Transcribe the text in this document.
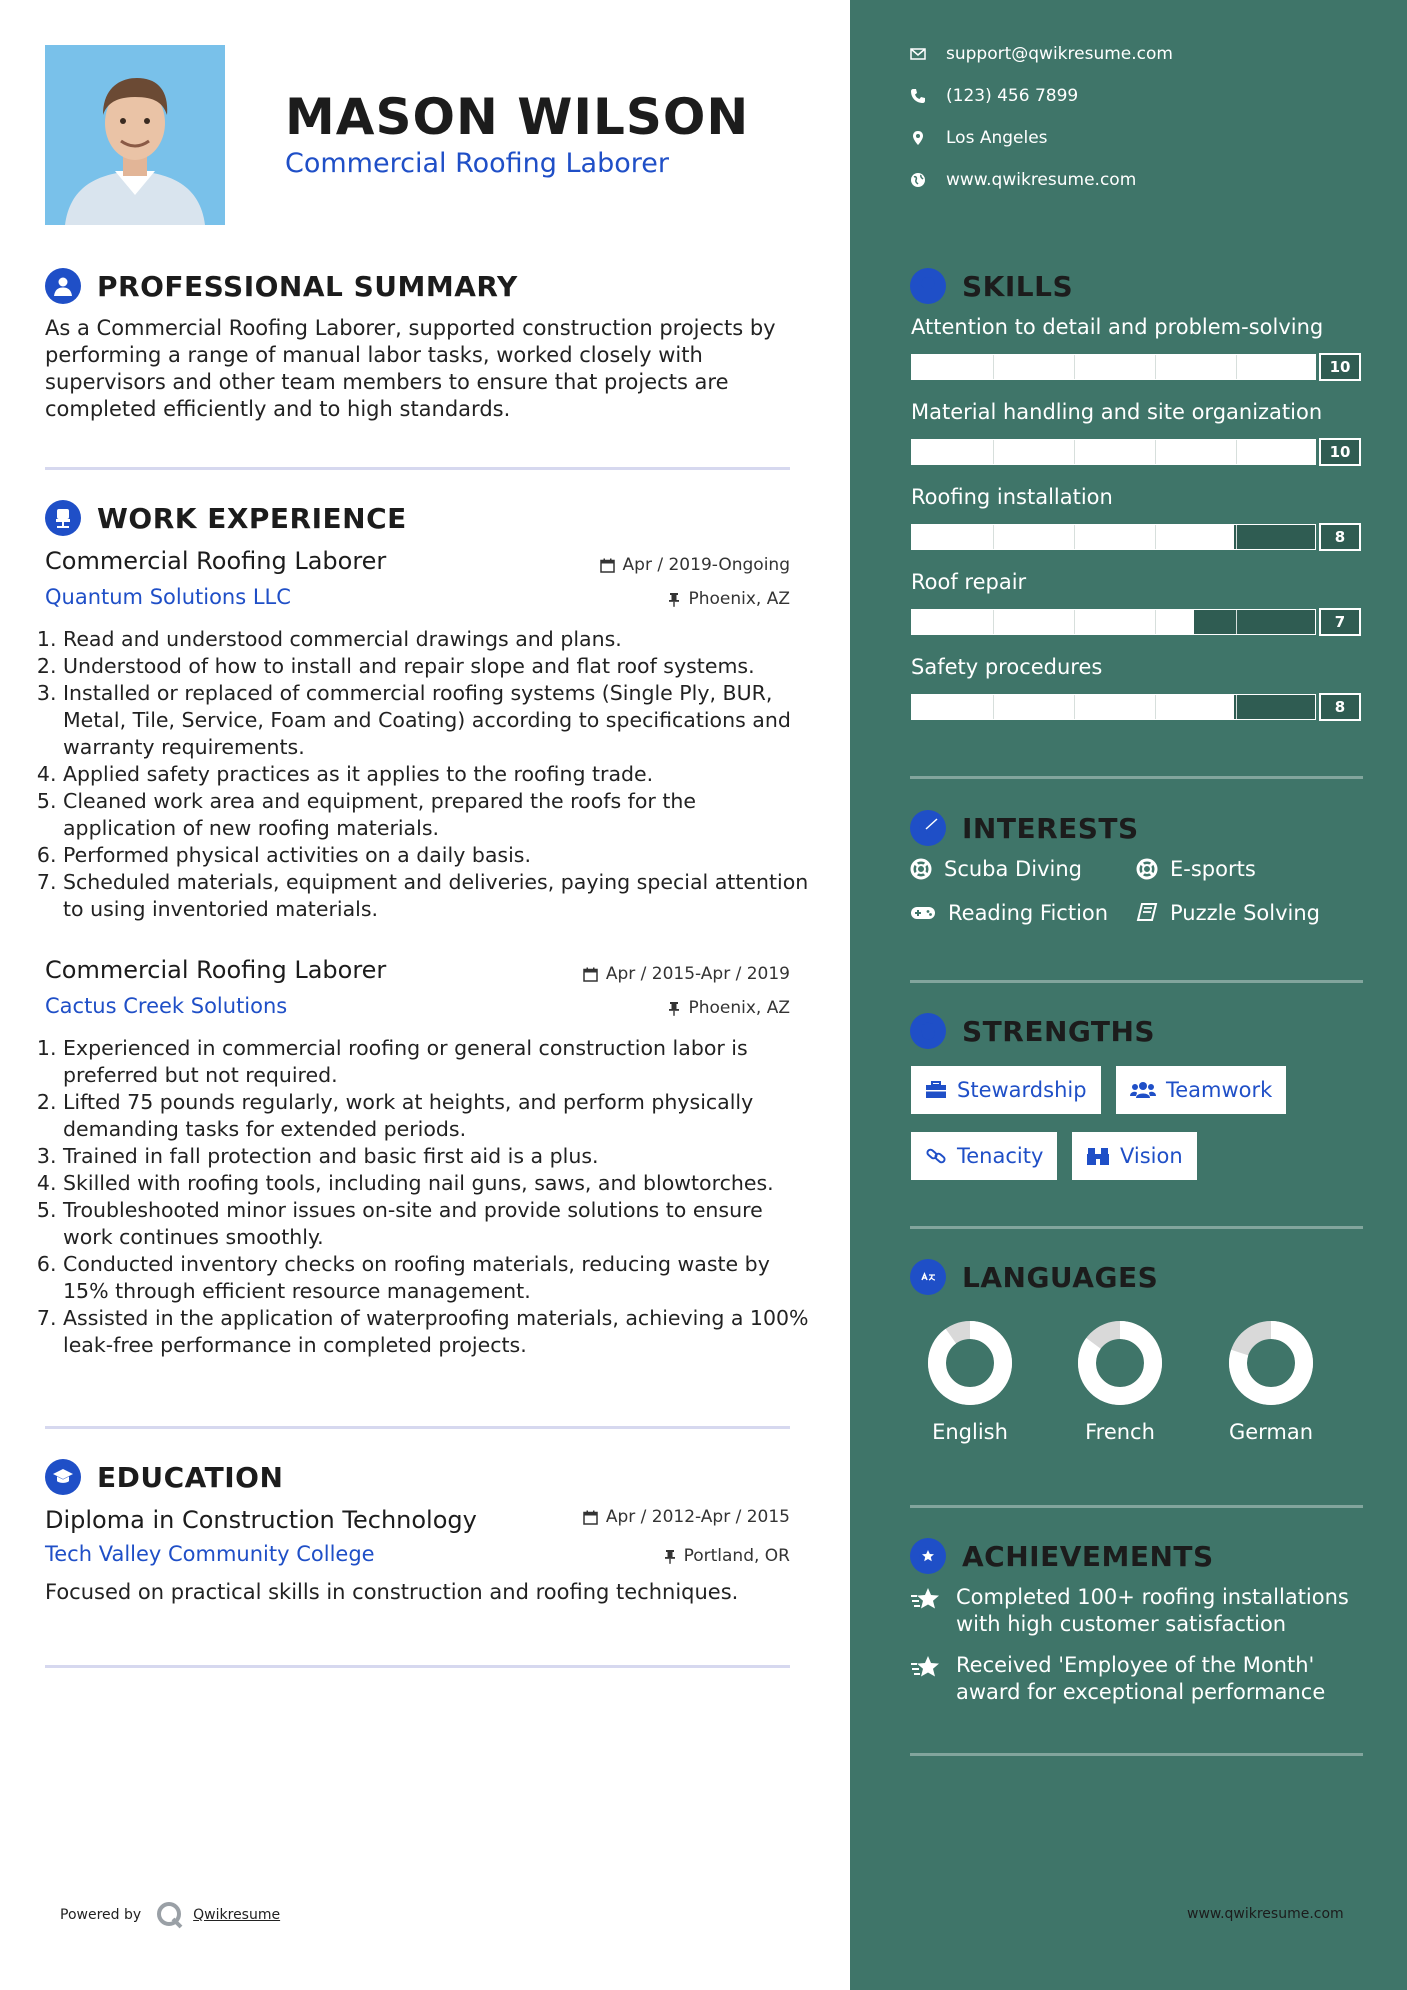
MASON WILSON
Commercial Roofing Laborer
PROFESSIONAL SUMMARY
As a Commercial Roofing Laborer, supported construction projects by performing a range of manual labor tasks, worked closely with supervisors and other team members to ensure that projects are completed efficiently and to high standards.
WORK EXPERIENCE
Commercial Roofing Laborer	Apr / 2019-Ongoing
Quantum Solutions LLC	Phoenix, AZ
1. Read and understood commercial drawings and plans.
2. Understood of how to install and repair slope and flat roof systems.
3. Installed or replaced of commercial roofing systems (Single Ply, BUR, Metal, Tile, Service, Foam and Coating) according to specifications and warranty requirements.
4. Applied safety practices as it applies to the roofing trade.
5. Cleaned work area and equipment, prepared the roofs for the application of new roofing materials.
6. Performed physical activities on a daily basis.
7. Scheduled materials, equipment and deliveries, paying special attention to using inventoried materials.
Commercial Roofing Laborer	Apr / 2015-Apr / 2019
Cactus Creek Solutions	Phoenix, AZ
1. Experienced in commercial roofing or general construction labor is preferred but not required.
2. Lifted 75 pounds regularly, work at heights, and perform physically demanding tasks for extended periods.
3. Trained in fall protection and basic first aid is a plus.
4. Skilled with roofing tools, including nail guns, saws, and blowtorches.
5. Troubleshooted minor issues on-site and provide solutions to ensure work continues smoothly.
6. Conducted inventory checks on roofing materials, reducing waste by 15% through efficient resource management.
7. Assisted in the application of waterproofing materials, achieving a 100% leak-free performance in completed projects.
EDUCATION
Diploma in Construction Technology	Apr / 2012-Apr / 2015
Tech Valley Community College	Portland, OR
Focused on practical skills in construction and roofing techniques.
Powered by	Qwikresume
support@qwikresume.com
(123) 456 7899
Los Angeles
www.qwikresume.com
SKILLS
Attention to detail and problem-solving
10
Material handling and site organization
10
Roofing installation
8
Roof repair
7
Safety procedures
8
INTERESTS
Scuba Diving	E-sports
Reading Fiction	Puzzle Solving
STRENGTHS
Stewardship	Teamwork
Tenacity	Vision
LANGUAGES
English	French	German
ACHIEVEMENTS
Completed 100+ roofing installations with high customer satisfaction
Received 'Employee of the Month' award for exceptional performance
www.qwikresume.com
